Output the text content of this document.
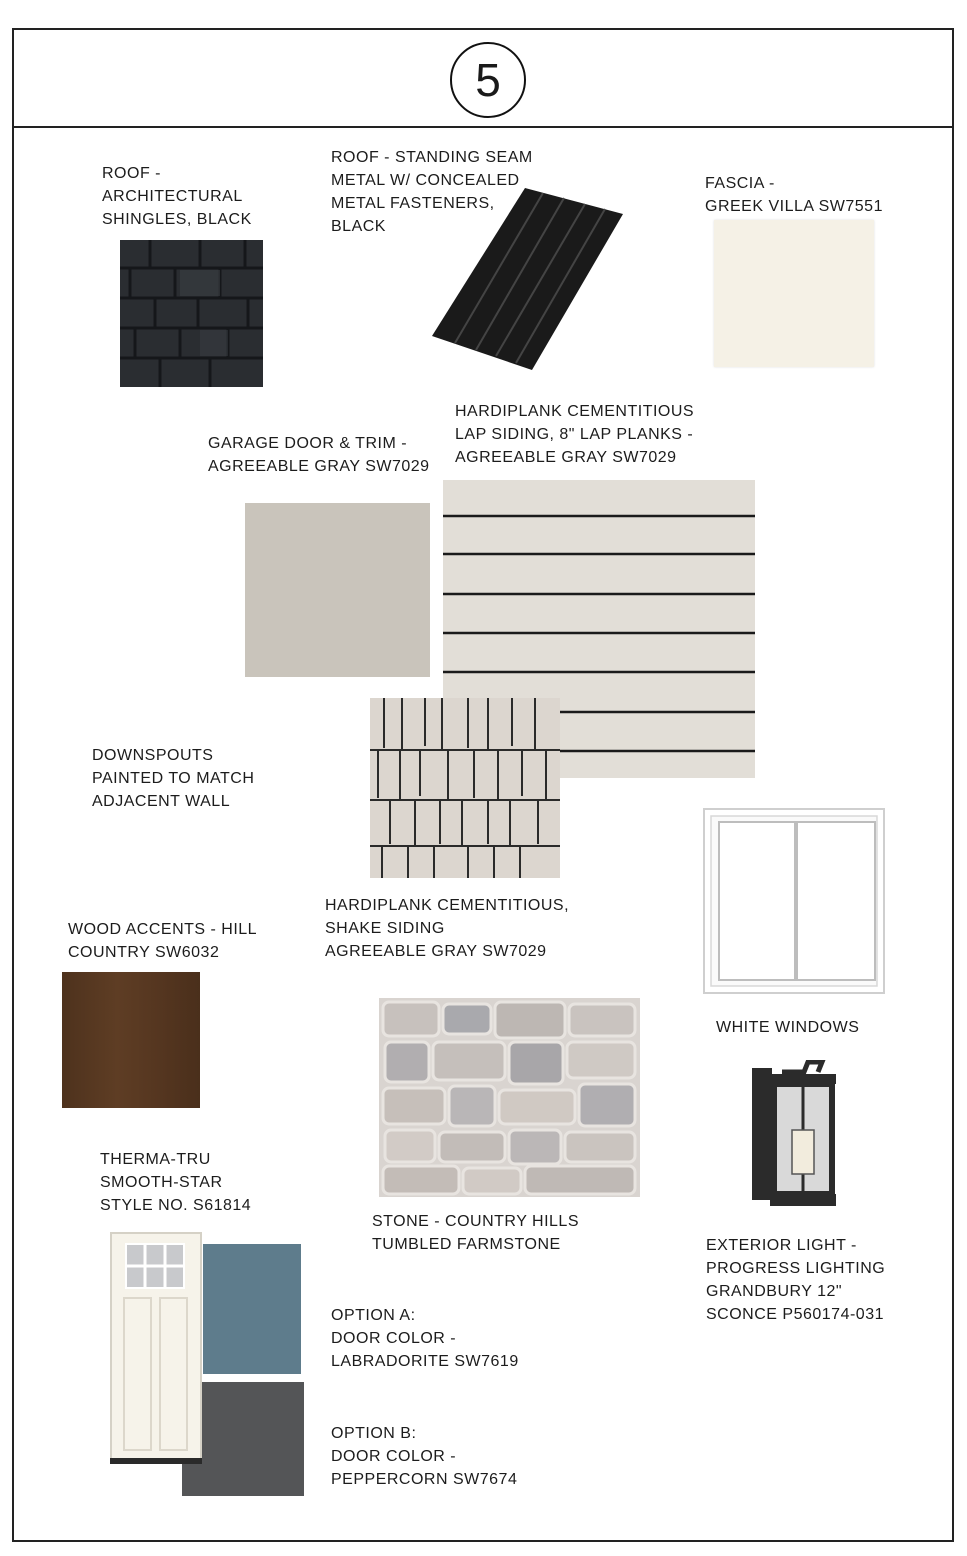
5
ROOF -
ARCHITECTURAL
SHINGLES, BLACK
ROOF - STANDING SEAM
METAL W/ CONCEALED
METAL FASTENERS,
BLACK
FASCIA -
GREEK VILLA SW7551
GARAGE DOOR & TRIM -
AGREEABLE GRAY SW7029
HARDIPLANK CEMENTITIOUS
LAP SIDING, 8" LAP PLANKS -
AGREEABLE GRAY SW7029
HARDIPLANK CEMENTITIOUS,
SHAKE SIDING
AGREEABLE GRAY SW7029
DOWNSPOUTS
PAINTED TO MATCH
ADJACENT WALL
WHITE WINDOWS
WOOD ACCENTS - HILL
COUNTRY SW6032
STONE - COUNTRY HILLS
TUMBLED FARMSTONE	EXTERIOR LIGHT -
PROGRESS LIGHTING
GRANDBURY 12"
SCONCE P560174-031
THERMA-TRU
SMOOTH-STAR
STYLE NO. S61814
OPTION A:
DOOR COLOR -
LABRADORITE SW7619
OPTION B:
DOOR COLOR -
PEPPERCORN SW7674
